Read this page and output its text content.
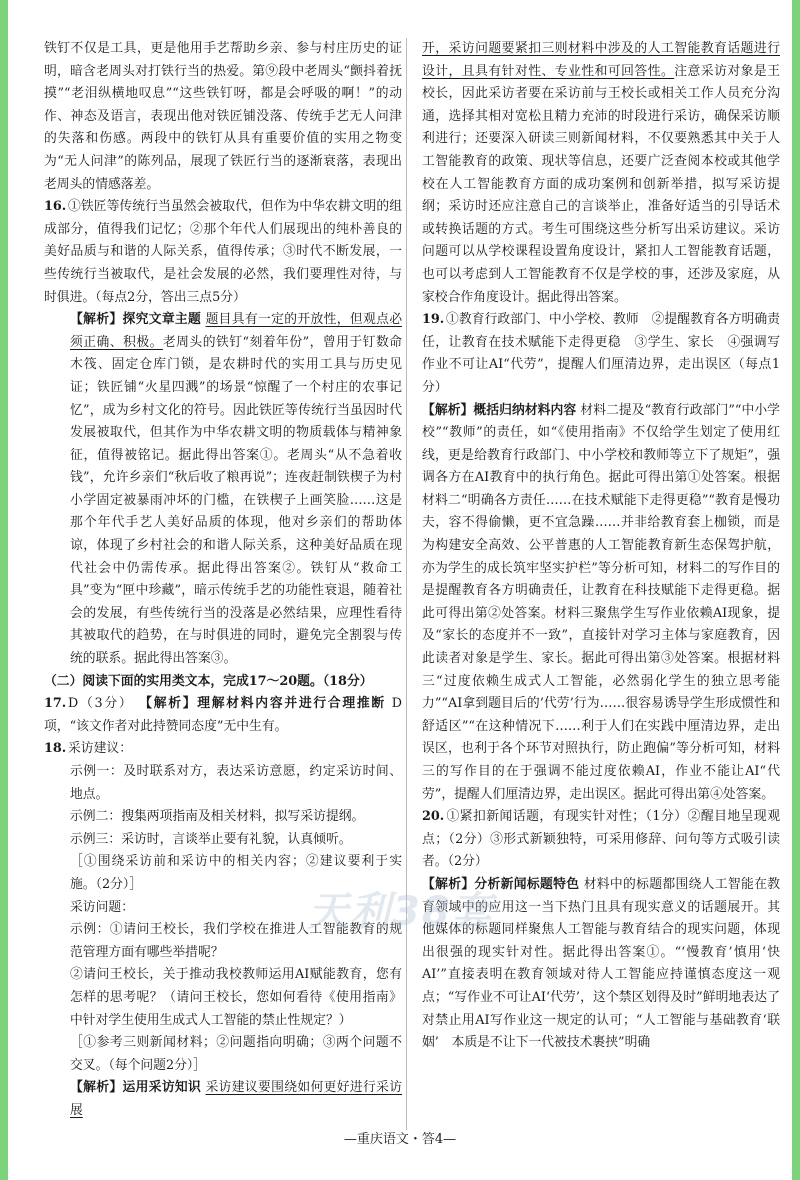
铁钉不仅是工具，更是他用手艺帮助乡亲、参与村庄历史的证明，暗含老周头对打铁行当的热爱。第⑨段中老周头“颤抖着抚摸”“老泪纵横地叹息”“这些铁钉呀，都是会呼吸的啊！”的动作、神态及语言，表现出他对铁匠铺没落、传统手艺无人问津的失落和伤感。两段中的铁钉从具有重要价值的实用之物变为“无人问津”的陈列品，展现了铁匠行当的逐渐衰落，表现出老周头的情感落差。

16. ①铁匠等传统行当虽然会被取代，但作为中华农耕文明的组成部分，值得我们记忆；②那个年代人们展现出的纯朴善良的美好品质与和谐的人际关系，值得传承；③时代不断发展，一些传统行当被取代，是社会发展的必然，我们要理性对待，与时俱进。（每点2分，答出三点5分）

【解析】探究文章主题 题目具有一定的开放性，但观点必须正确、积极。老周头的铁钉“刻着年份”，曾用于钉数命木筏、固定仓库门锁，是农耕时代的实用工具与历史见证；铁匠铺“火星四溅”的场景“惊醒了一个村庄的农事记忆”，成为乡村文化的符号。因此铁匠等传统行当虽因时代发展被取代，但其作为中华农耕文明的物质载体与精神象征，值得被铭记。据此得出答案①。老周头“从不急着收钱”，允许乡亲们“秋后收了粮再说”；连夜赶制铁楔子为村小学固定被暴雨冲坏的门槛，在铁楔子上画笑脸……这是那个年代手艺人美好品质的体现，他对乡亲们的帮助体谅，体现了乡村社会的和谐人际关系，这种美好品质在现代社会中仍需传承。据此得出答案②。铁钉从“救命工具”变为“匣中珍藏”，暗示传统手艺的功能性衰退，随着社会的发展，有些传统行当的没落是必然结果，应理性看待其被取代的趋势，在与时俱进的同时，避免完全割裂与传统的联系。据此得出答案③。

（二）阅读下面的实用类文本，完成17～20题。（18分）

17. D（3分） 【解析】理解材料内容并进行合理推断 D项，“该文作者对此持赞同态度”无中生有。

18. 采访建议：

示例一：及时联系对方，表达采访意愿，约定采访时间、地点。

示例二：搜集两项指南及相关材料，拟写采访提纲。

示例三：采访时，言谈举止要有礼貌，认真倾听。

［①围绕采访前和采访中的相关内容；②建议要利于实施。（2分）］

采访问题：

示例：①请问王校长，我们学校在推进人工智能教育的规范管理方面有哪些举措呢？

②请问王校长，关于推动我校教师运用AI赋能教育，您有怎样的思考呢？（请问王校长，您如何看待《使用指南》中针对学生使用生成式人工智能的禁止性规定？）

［①参考三则新闻材料；②问题指向明确；③两个问题不交叉。（每个问题2分）］

【解析】运用采访知识 采访建议要围绕如何更好进行采访展

开，采访问题要紧扣三则材料中涉及的人工智能教育话题进行设计，且具有针对性、专业性和可回答性。注意采访对象是王校长，因此采访者要在采访前与王校长或相关工作人员充分沟通，选择其相对宽松且精力充沛的时段进行采访，确保采访顺利进行；还要深入研读三则新闻材料，不仅要熟悉其中关于人工智能教育的政策、现状等信息，还要广泛查阅本校或其他学校在人工智能教育方面的成功案例和创新举措，拟写采访提纲；采访时还应注意自己的言谈举止，准备好适当的引导话术或转换话题的方式。考生可围绕这些分析写出采访建议。采访问题可以从学校课程设置角度设计，紧扣人工智能教育话题，也可以考虑到人工智能教育不仅是学校的事，还涉及家庭，从家校合作角度设计。据此得出答案。

19. ①教育行政部门、中小学校、教师　②提醒教育各方明确责任，让教育在技术赋能下走得更稳　③学生、家长　④强调写作业不可让AI“代劳”，提醒人们厘清边界，走出误区（每点1分）

【解析】概括归纳材料内容 材料二提及“教育行政部门”“中小学校”“教师”的责任，如“《使用指南》不仅给学生划定了使用红线，更是给教育行政部门、中小学校和教师等立下了规矩”，强调各方在AI教育中的执行角色。据此可得出第①处答案。根据材料二“明确各方责任……在技术赋能下走得更稳”“教育是慢功夫，容不得偷懒，更不宜急躁……并非给教育套上枷锁，而是为构建安全高效、公平普惠的人工智能教育新生态保驾护航，亦为学生的成长筑牢坚实护栏”等分析可知，材料二的写作目的是提醒教育各方明确责任，让教育在科技赋能下走得更稳。据此可得出第②处答案。材料三聚焦学生写作业依赖AI现象，提及“家长的态度并不一致”，直接针对学习主体与家庭教育，因此读者对象是学生、家长。据此可得出第③处答案。根据材料三“过度依赖生成式人工智能，必然弱化学生的独立思考能力”“AI拿到题目后的‘代劳’行为……很容易诱导学生形成惯性和舒适区”“在这种情况下……利于人们在实践中厘清边界，走出误区，也利于各个环节对照执行，防止跑偏”等分析可知，材料三的写作目的在于强调不能过度依赖AI，作业不能让AI“代劳”，提醒人们厘清边界，走出误区。据此可得出第④处答案。

20. ①紧扣新闻话题，有现实针对性；（1分）②醒目地呈现观点；（2分）③形式新颖独特，可采用修辞、问句等方式吸引读者。（2分）

【解析】分析新闻标题特色 材料中的标题都围绕人工智能在教育领域中的应用这一当下热门且具有现实意义的话题展开。其他媒体的标题同样聚焦人工智能与教育结合的现实问题，体现出很强的现实针对性。据此得出答案①。“‘慢教育’慎用‘快AI’”直接表明在教育领域对待人工智能应持谨慎态度这一观点；“写作业不可让AI‘代劳’，这个禁区划得及时”鲜明地表达了对禁止用AI写作业这一规定的认可；“人工智能与基础教育‘联姻’　本质是不让下一代被技术裹挟”明确

天利38套
—重庆语文・答4—
